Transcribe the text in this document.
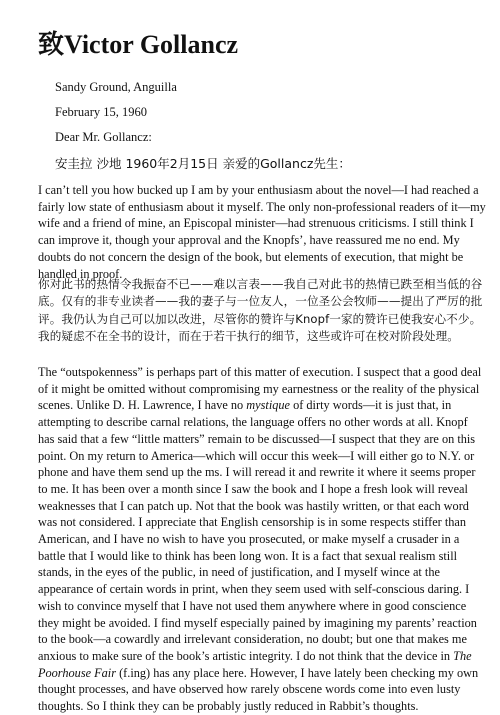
致Victor Gollancz
Sandy Ground, Anguilla
February 15, 1960
Dear Mr. Gollancz:
安圭拉 沙地 1960年2月15日 亲爱的Gollancz先生：

I can’t tell you how bucked up I am by your enthusiasm about the novel—I had reached a fairly low state of enthusiasm about it myself. The only non-professional readers of it—my wife and a friend of mine, an Episcopal minister—had strenuous criticisms. I still think I can improve it, though your approval and the Knopfs’, have reassured me no end. My doubts do not concern the design of the book, but elements of execution, that might be handled in proof.

你对此书的热情令我振奋不已——难以言表——我自己对此书的热情已跌至相当低的谷底。仅有的非专业读者——我的妻子与一位友人，一位圣公会牧师——提出了严厉的批评。我仍认为自己可以加以改进，尽管你的赞许与Knopf一家的赞许已使我安心不少。我的疑虑不在全书的设计，而在于若干执行的细节，这些或许可在校对阶段处理。

The “outspokenness” is perhaps part of this matter of execution. I suspect that a good deal of it might be omitted without compromising my earnestness or the reality of the physical scenes. Unlike D. H. Lawrence, I have no mystique of dirty words—it is just that, in attempting to describe carnal relations, the language offers no other words at all. Knopf has said that a few “little matters” remain to be discussed—I suspect that they are on this point. On my return to America—which will occur this week—I will either go to N.Y. or phone and have them send up the ms. I will reread it and rewrite it where it seems proper to me. It has been over a month since I saw the book and I hope a fresh look will reveal weaknesses that I can patch up. Not that the book was hastily written, or that each word was not considered. I appreciate that English censorship is in some respects stiffer than American, and I have no wish to have you prosecuted, or make myself a crusader in a battle that I would like to think has been long won. It is a fact that sexual realism still stands, in the eyes of the public, in need of justification, and I myself wince at the appearance of certain words in print, when they seem used with self-conscious daring. I wish to convince myself that I have not used them anywhere where in good conscience they might be avoided. I find myself especially pained by imagining my parents’ reaction to the book—a cowardly and irrelevant consideration, no doubt; but one that makes me anxious to make sure of the book’s artistic integrity. I do not think that the device in The Poorhouse Fair (f.ing) has any place here. However, I have lately been checking my own thought processes, and have observed how rarely obscene words come into even lusty thoughts. So I think they can be probably justly reduced in Rabbit’s thoughts.
